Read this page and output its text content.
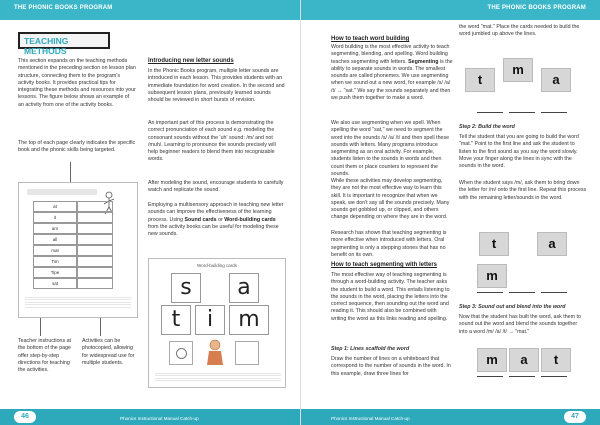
THE PHONIC BOOKS PROGRAM
TEACHING METHODS
This section expands on the teaching methods mentioned in the preceding section on lesson plan structure, connecting them to the program's activity books. It provides practical tips for integrating these methods and resources into your lessons. The figure below shows an example of an activity from one of the activity books.
The top of each page clearly indicates the specific book and the phonic skills being targeted.
at
it
am
all
mat
Tim
Tipe
sat
Teacher instructions at the bottom of the page offer step-by-step directions for teaching the activities.
Activities can be photocopied, allowing for widespread use for multiple students.
Introducing new letter sounds
In the Phonic Books program, multiple letter sounds are introduced in each lesson. This provides students with an immediate foundation for word creation. In the second and subsequent lesson plans, previously learned sounds should be reviewed in short bursts of revision.
An important part of this process is demonstrating the correct pronunciation of each sound e.g. modeling the consonant sounds without the 'uh' sound: /m/ and not /muh/. Learning to pronounce the sounds precisely will help beginner readers to blend them into recognizable words.
After modeling the sound, encourage students to carefully watch and replicate the sound.
Employing a multisensory approach in teaching new letter sounds can improve the effectiveness of the learning process. Using Sound cards or Word-building cards from the activity books can be useful for modeling these new sounds.
Word-building cards
s	a
t	i	m
46	Phonics Instructional Manual Catch-up
THE PHONIC BOOKS PROGRAM
How to teach word building
Word building is the most effective activity to teach segmenting, blending, and spelling. Word building teaches segmenting with letters. Segmenting is the ability to separate sounds in words. The smallest sounds are called phonemes. We use segmenting when we sound out a new word, for example /s/ /a/ /t/ → "sat." We say the sounds separately and then we push them together to make a word.
We also use segmenting when we spell. When spelling the word "sat," we need to segment the word into the sounds /s/ /a/ /t/ and then spell these sounds with letters. Many programs introduce segmenting as an oral activity. For example, students listen to the sounds in words and then count them or place counters to represent the sounds.
While these activities may develop segmenting, they are not the most effective way to learn this skill. It is important to recognize that when we speak, we don't say all the sounds precisely. Many sounds get gobbled up, or clipped, and others change depending on where they are in the word.
Research has shown that teaching segmenting is more effective when introduced with letters. Oral segmenting is only a stepping stones that has no benefit on its own.
How to teach segmenting with letters
The most effective way of teaching segmenting is through a word-building activity. The teacher asks the student to build a word. This entails listening to the sounds in the word, placing the letters into the correct sequence, then sounding out the word and reading it. This should also be combined with writing the word as this links reading and spelling.
Step 1: Lines scaffold the word
Draw the number of lines on a whiteboard that correspond to the number of sounds in the word. In this example, draw three lines for
the word "mat." Place the cards needed to build the word jumbled up above the lines.
t
m
a
Step 2: Build the word
Tell the student that you are going to build the word "mat." Point to the first line and ask the student to listen to the first sound as you say the word slowly. Move your finger along the lines in sync with the sounds in the word.
When the student says /m/, ask them to bring down the letter for /m/ onto the first line. Repeat this process with the remaining letter/sounds in the word.
t	a
m
Step 3: Sound out and blend into the word
Now that the student has built the word, ask them to sound out the word and blend the sounds together into a word /m/ /a/ /t/ → "mat."
m	a	t
Phonics Instructional Manual Catch-up	47
